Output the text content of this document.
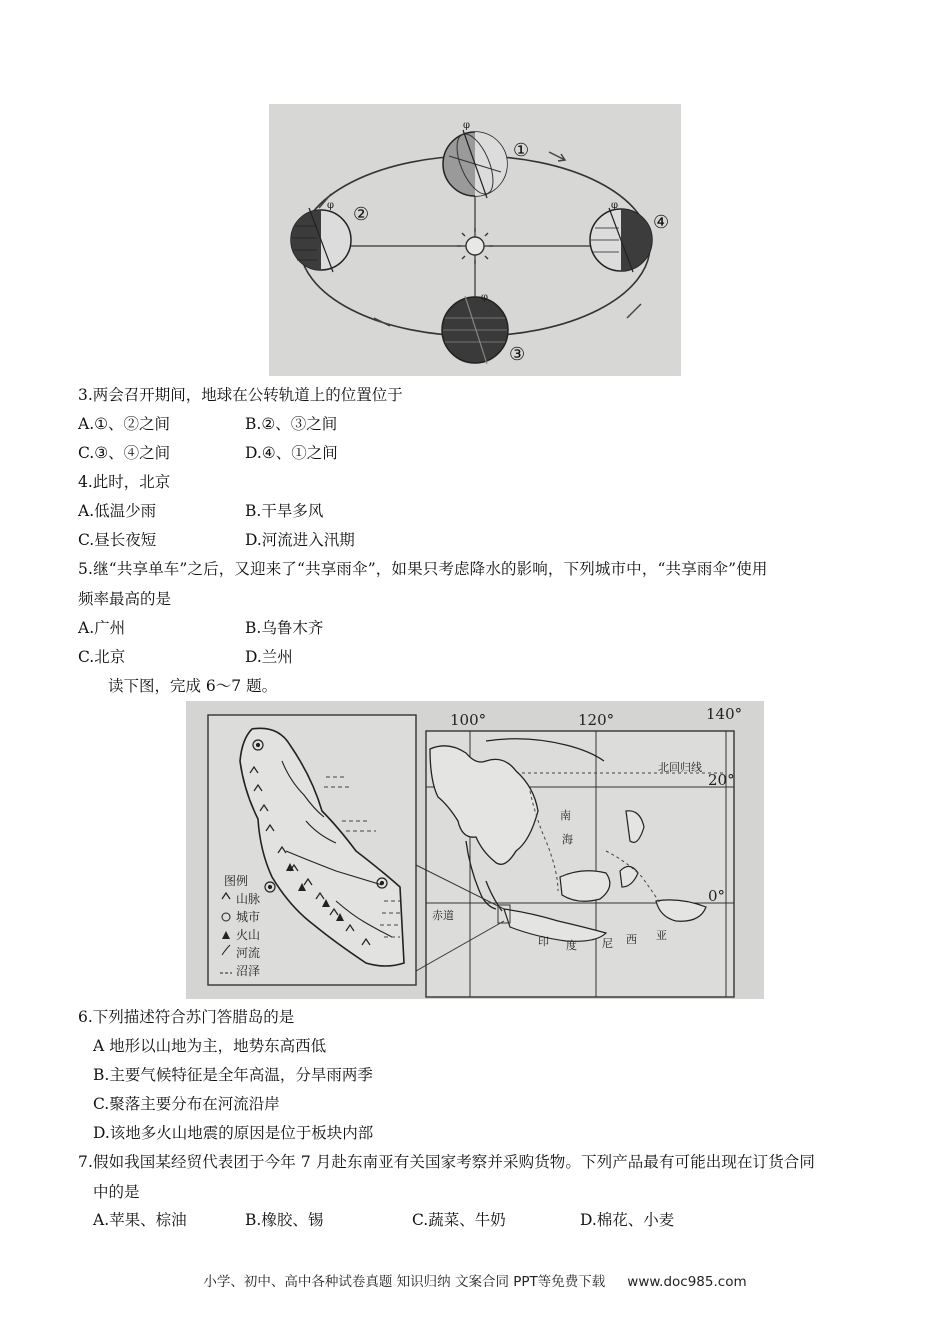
φ
φ
φ
φ
①
②
③
④
3.两会召开期间，地球在公转轨道上的位置位于
A.①、②之间	B.②、③之间
C.③、④之间	D.④、①之间
4.此时，北京
A.低温少雨	B.干旱多风
C.昼长夜短	D.河流进入汛期
5.继“共享单车”之后，又迎来了“共享雨伞”，如果只考虑降水的影响，下列城市中，“共享雨伞”使用
频率最高的是
A.广州	B.乌鲁木齐
C.北京	D.兰州
读下图，完成 6～7 题。
图例
山脉
城市
火山
河流
沼泽
100°	120°	140°
20°
0°
北回归线
赤道
南
海
印 度 尼 西 亚
6.下列描述符合苏门答腊岛的是
A 地形以山地为主，地势东高西低
B.主要气候特征是全年高温，分旱雨两季
C.聚落主要分布在河流沿岸
D.该地多火山地震的原因是位于板块内部
7.假如我国某经贸代表团于今年 7 月赴东南亚有关国家考察并采购货物。下列产品最有可能出现在订货合同
中的是
A.苹果、棕油	B.橡胶、锡	C.蔬菜、牛奶	D.棉花、小麦
小学、初中、高中各种试卷真题 知识归纳 文案合同 PPT等免费下载 www.doc985.com
